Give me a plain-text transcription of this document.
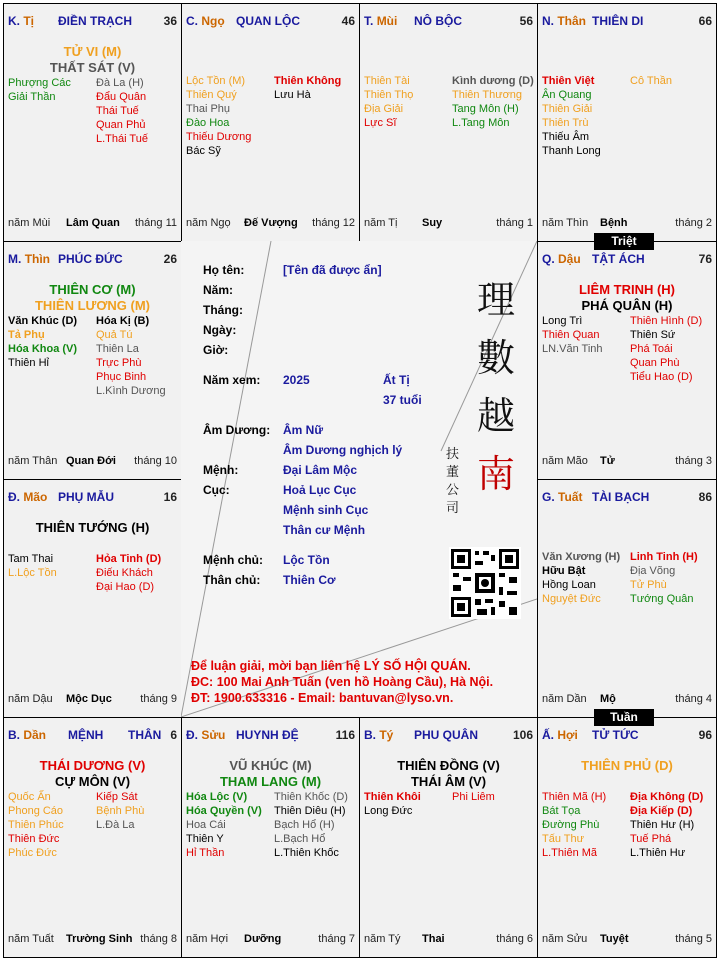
K. Tị ĐIỀN TRẠCH	36
TỬ VI (M)
THẤT SÁT (V)
Phượng Các
Giải Thần
Đà La (H)
Đẩu Quân
Thái Tuế
Quan Phủ
L.Thái Tuế
năm Mùi Lâm Quan tháng 11
C. Ngọ QUAN LỘC	46
Lộc Tồn (M)
Thiên Quý
Thai Phụ
Đào Hoa
Thiếu Dương
Bác Sỹ
Thiên Không
Lưu Hà
năm Ngọ Đế Vượng tháng 12
T. Mùi NÔ BỘC	56
Thiên Tài
Thiên Thọ
Địa Giải
Lực Sĩ
Kình dương (D)
Thiên Thương
Tang Môn (H)
L.Tang Môn
năm Tị Suy	tháng 1
N. Thân THIÊN DI	66
Thiên Việt
Ân Quang
Thiên Giải
Thiên Trù
Thiếu Âm
Thanh Long
Cô Thần
năm Thìn Bệnh	tháng 2
M. Thìn PHÚC ĐỨC	26
THIÊN CƠ (M)
THIÊN LƯƠNG (M)
Văn Khúc (D)
Tả Phụ
Hóa Khoa (V)
Thiên Hỉ
Hóa Kị (B)
Quả Tú
Thiên La
Trực Phù
Phục Binh
L.Kình Dương
năm Thân Quan Đới tháng 10
Q. Dậu TẬT ÁCH	76
LIÊM TRINH (H)
PHÁ QUÂN (H)
Long Trì
Thiên Quan
LN.Văn Tinh
Thiên Hình (D)
Thiên Sứ
Phá Toái
Quan Phù
Tiểu Hao (D)
năm Mão Tử	tháng 3
Đ. Mão PHỤ MẪU	16
THIÊN TƯỚNG (H)
Tam Thai
L.Lộc Tồn
Hỏa Tinh (D)
Điếu Khách
Đại Hao (D)
năm Dậu Mộc Dục	tháng 9
G. Tuất TÀI BẠCH	86
Văn Xương (H)
Hữu Bật
Hồng Loan
Nguyệt Đức
Linh Tinh (H)
Địa Võng
Tử Phù
Tướng Quân
năm Dần Mộ	tháng 4
B. Dần MỆNH THÂN 6
THÁI DƯƠNG (V)
CỰ MÔN (V)
Quốc Ấn
Phong Cáo
Thiên Phúc
Thiên Đức
Phúc Đức
Kiếp Sát
Bệnh Phù
L.Đà La
năm Tuất Trường Sinh tháng 8
Đ. Sửu HUYNH ĐỆ	116
VŨ KHÚC (M)
THAM LANG (M)
Hóa Lộc (V)
Hóa Quyền (V)
Hoa Cái
Thiên Y
Hỉ Thần
Thiên Khốc (D)
Thiên Diêu (H)
Bạch Hổ (H)
L.Bạch Hổ
L.Thiên Khốc
năm Hợi Dưỡng	tháng 7
B. Tý PHU QUÂN	106
THIÊN ĐỒNG (V)
THÁI ÂM (V)
Thiên Khôi
Long Đức
Phi Liêm
năm Tý Thai	tháng 6
Ấ. Hợi TỬ TỨC	96
THIÊN PHỦ (D)
Thiên Mã (H)
Bát Tọa
Đường Phù
Tấu Thư
L.Thiên Mã
Địa Không (D)
Địa Kiếp (D)
Thiên Hư (H)
Tuế Phá
L.Thiên Hư
năm Sửu Tuyệt	tháng 5
Họ tên:	[Tên đã được ẩn]
Năm:
Tháng:
Ngày:
Giờ:
Năm xem: 2025	Ất Tị
37 tuổi
Âm Dương: Âm Nữ
Âm Dương nghịch lý
Mệnh:	Đại Lâm Mộc
Cục:	Hoả Lục Cục
Mệnh sinh Cục
Thân cư Mệnh
Mệnh chủ: Lộc Tồn
Thân chủ: Thiên Cơ
理
數
越
南
扶董公司
Để luận giải, mời bạn liên hệ LÝ SỐ HỘI QUÁN.
ĐC: 100 Mai Anh Tuấn (ven hồ Hoàng Cầu), Hà Nội.
ĐT: 1900.633316 - Email: bantuvan@lyso.vn.
Triệt
Tuần
